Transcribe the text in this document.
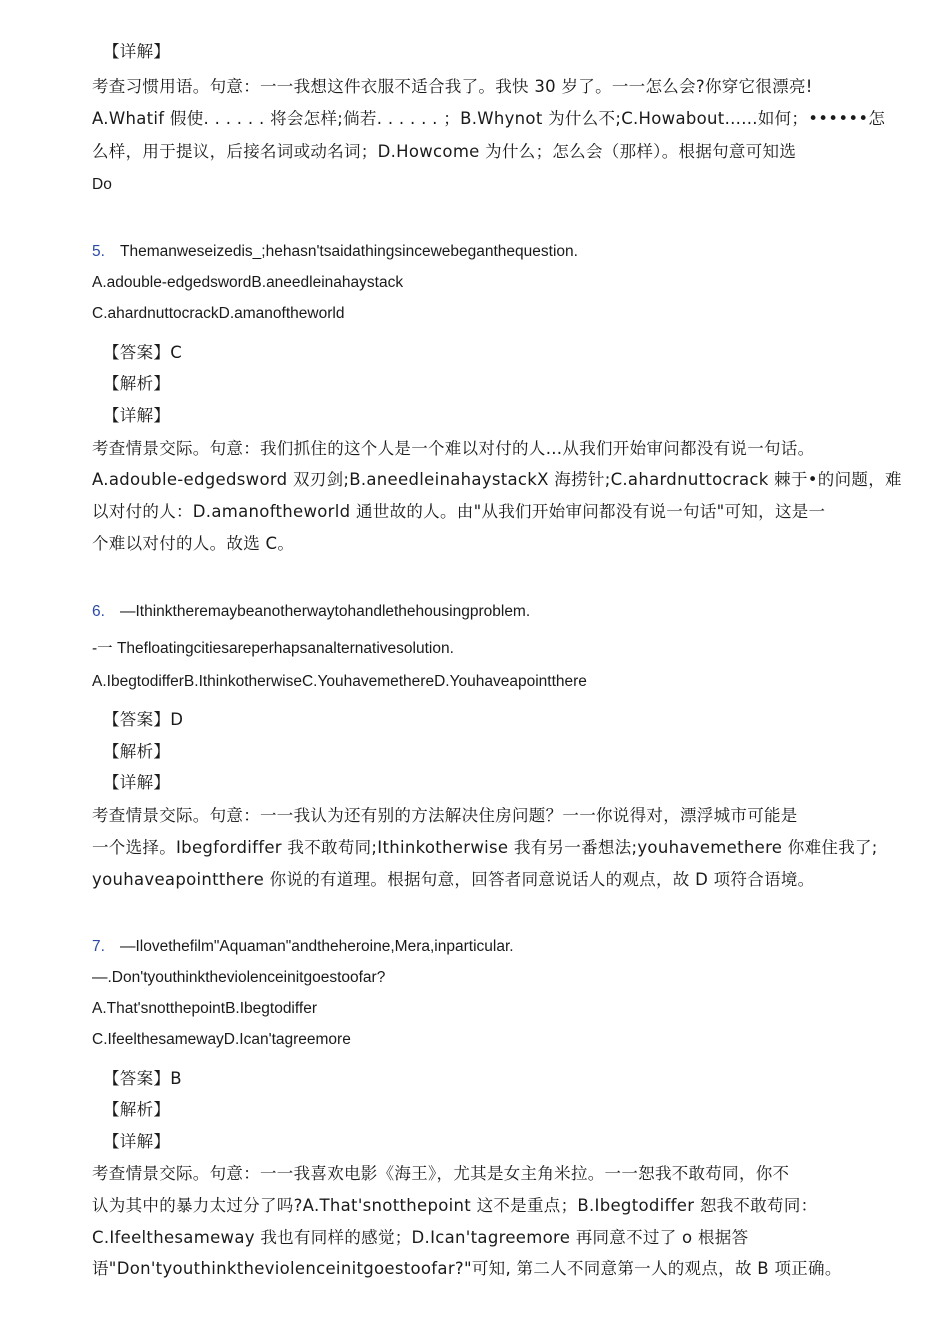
【详解】
考查习惯用语。句意：一一我想这件衣服不适合我了。我快 30 岁了。一一怎么会?你穿它很漂亮!
A.Whatif 假使. . . . . . 将会怎样;倘若. . . . . . ；B.Whynot 为什么不;C.Howabout......如何；••••••怎
么样，用于提议，后接名词或动名词；D.Howcome 为什么；怎么会（那样）。根据句意可知选
Do
5. Themanweseizedis_;hehasn'tsaidathingsincewebeganthequestion.
A.adouble-edgedswordB.aneedleinahaystack
C.ahardnuttocrackD.amanoftheworld
【答案】C
【解析】
【详解】
考查情景交际。句意：我们抓住的这个人是一个难以对付的人…从我们开始审问都没有说一句话。
A.adouble-edgedsword 双刃剑;B.aneedleinahaystackX 海捞针;C.ahardnuttocrack 棘于•的问题，难
以对付的人：D.amanoftheworld 通世故的人。由"从我们开始审问都没有说一句话"可知，这是一
个难以对付的人。故选 C。
6. —Ithinktheremaybeanotherwaytohandlethehousingproblem.
-一 Thefloatingcitiesareperhapsanalternativesolution.
A.IbegtodifferB.IthinkotherwiseC.YouhavemethereD.Youhaveapointthere
【答案】D
【解析】
【详解】
考查情景交际。句意：一一我认为还有别的方法解决住房问题？一一你说得对，漂浮城市可能是
一个选择。Ibegfordiffer 我不敢苟同;Ithinkotherwise 我有另一番想法;youhavemethere 你难住我了;
youhaveapointthere 你说的有道理。根据句意，回答者同意说话人的观点，故 D 项符合语境。
7. —Ilovethefilm"Aquaman"andtheheroine,Mera,inparticular.
—.Don'tyouthinktheviolenceinitgoestoofar?
A.That'snotthepointB.Ibegtodiffer
C.IfeelthesamewayD.Ican'tagreemore
【答案】B
【解析】
【详解】
考查情景交际。句意：一一我喜欢电影《海王》，尤其是女主角米拉。一一恕我不敢苟同，你不
认为其中的暴力太过分了吗?A.That'snotthepoint 这不是重点；B.Ibegtodiffer 恕我不敢苟同：
C.Ifeelthesameway 我也有同样的感觉；D.Ican'tagreemore 再同意不过了 o 根据答
语"Don'tyouthinktheviolenceinitgoestoofar?"可知, 第二人不同意第一人的观点，故 B 项正确。
